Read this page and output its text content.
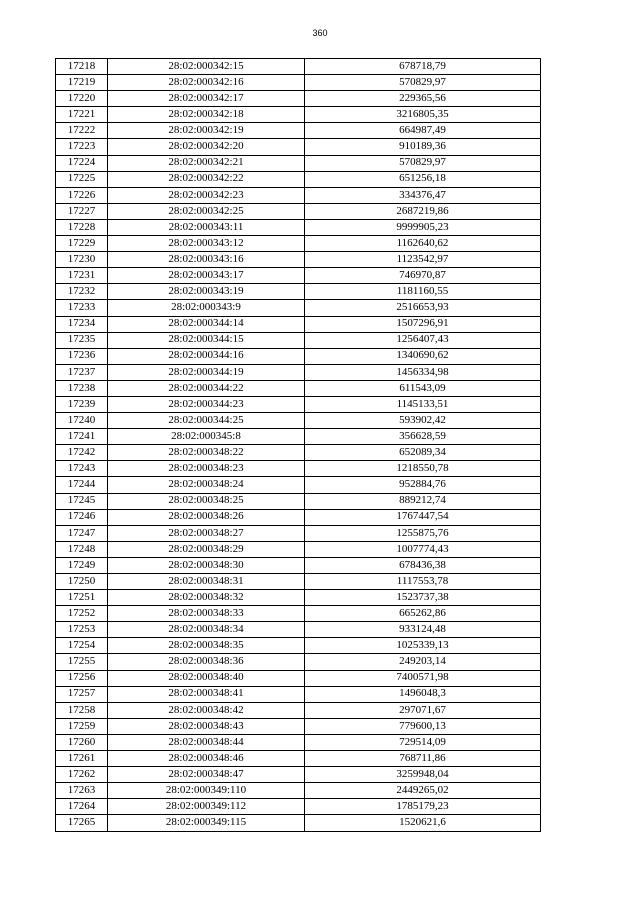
360
17218	28:02:000342:15	678718,79
17219	28:02:000342:16	570829,97
17220	28:02:000342:17	229365,56
17221	28:02:000342:18	3216805,35
17222	28:02:000342:19	664987,49
17223	28:02:000342:20	910189,36
17224	28:02:000342:21	570829,97
17225	28:02:000342:22	651256,18
17226	28:02:000342:23	334376,47
17227	28:02:000342:25	2687219,86
17228	28:02:000343:11	9999905,23
17229	28:02:000343:12	1162640,62
17230	28:02:000343:16	1123542,97
17231	28:02:000343:17	746970,87
17232	28:02:000343:19	1181160,55
17233	28:02:000343:9	2516653,93
17234	28:02:000344:14	1507296,91
17235	28:02:000344:15	1256407,43
17236	28:02:000344:16	1340690,62
17237	28:02:000344:19	1456334,98
17238	28:02:000344:22	611543,09
17239	28:02:000344:23	1145133,51
17240	28:02:000344:25	593902,42
17241	28:02:000345:8	356628,59
17242	28:02:000348:22	652089,34
17243	28:02:000348:23	1218550,78
17244	28:02:000348:24	952884,76
17245	28:02:000348:25	889212,74
17246	28:02:000348:26	1767447,54
17247	28:02:000348:27	1255875,76
17248	28:02:000348:29	1007774,43
17249	28:02:000348:30	678436,38
17250	28:02:000348:31	1117553,78
17251	28:02:000348:32	1523737,38
17252	28:02:000348:33	665262,86
17253	28:02:000348:34	933124,48
17254	28:02:000348:35	1025339,13
17255	28:02:000348:36	249203,14
17256	28:02:000348:40	7400571,98
17257	28:02:000348:41	1496048,3
17258	28:02:000348:42	297071,67
17259	28:02:000348:43	779600,13
17260	28:02:000348:44	729514,09
17261	28:02:000348:46	768711,86
17262	28:02:000348:47	3259948,04
17263	28:02:000349:110	2449265,02
17264	28:02:000349:112	1785179,23
17265	28:02:000349:115	1520621,6
